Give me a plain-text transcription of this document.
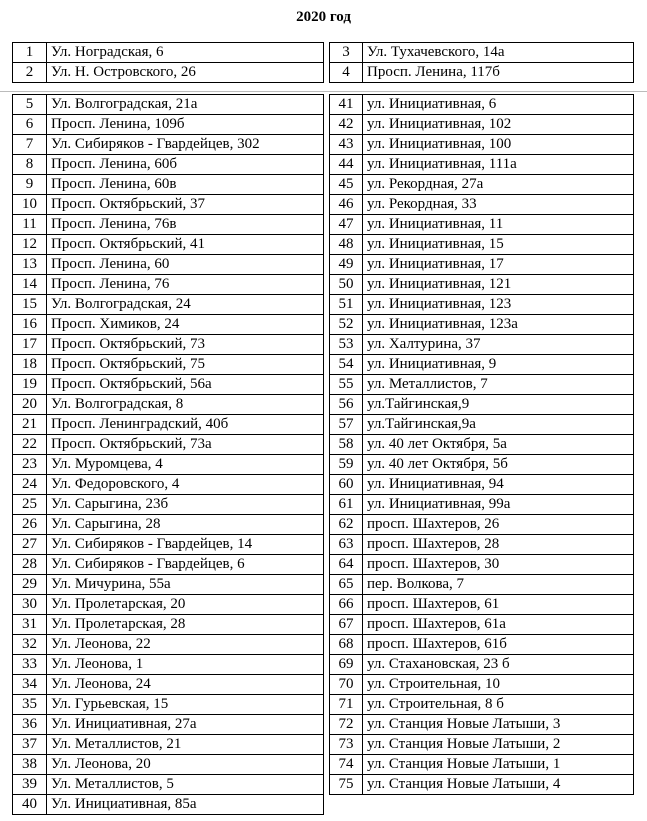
2020 год
1	Ул. Ноградская, 6
2	Ул. Н. Островского, 26
3	Ул. Тухачевского, 14а
4	Просп. Ленина, 117б
5	Ул. Волгоградская, 21а
6	Просп. Ленина, 109б
7	Ул. Сибиряков - Гвардейцев, 302
8	Просп. Ленина, 60б
9	Просп. Ленина, 60в
10	Просп. Октябрьский, 37
11	Просп. Ленина, 76в
12	Просп. Октябрьский, 41
13	Просп. Ленина, 60
14	Просп. Ленина, 76
15	Ул. Волгоградская, 24
16	Просп. Химиков, 24
17	Просп. Октябрьский, 73
18	Просп. Октябрьский, 75
19	Просп. Октябрьский, 56а
20	Ул. Волгоградская, 8
21	Просп. Ленинградский, 40б
22	Просп. Октябрьский, 73а
23	Ул. Муромцева, 4
24	Ул. Федоровского, 4
25	Ул. Сарыгина, 23б
26	Ул. Сарыгина, 28
27	Ул. Сибиряков - Гвардейцев, 14
28	Ул. Сибиряков - Гвардейцев, 6
29	Ул. Мичурина, 55а
30	Ул. Пролетарская, 20
31	Ул. Пролетарская, 28
32	Ул. Леонова, 22
33	Ул. Леонова, 1
34	Ул. Леонова, 24
35	Ул. Гурьевская, 15
36	Ул. Инициативная, 27а
37	Ул. Металлистов, 21
38	Ул. Леонова, 20
39	Ул. Металлистов, 5
40	Ул. Инициативная, 85а
41	ул. Инициативная, 6
42	ул. Инициативная, 102
43	ул. Инициативная, 100
44	ул. Инициативная, 111а
45	ул. Рекордная, 27а
46	ул. Рекордная, 33
47	ул. Инициативная, 11
48	ул. Инициативная, 15
49	ул. Инициативная, 17
50	ул. Инициативная, 121
51	ул. Инициативная, 123
52	ул. Инициативная, 123а
53	ул. Халтурина, 37
54	ул. Инициативная, 9
55	ул. Металлистов, 7
56	ул.Тайгинская,9
57	ул.Тайгинская,9а
58	ул. 40 лет Октября, 5а
59	ул. 40 лет Октября, 5б
60	ул. Инициативная, 94
61	ул. Инициативная, 99а
62	просп. Шахтеров, 26
63	просп. Шахтеров, 28
64	просп. Шахтеров, 30
65	пер. Волкова, 7
66	просп. Шахтеров, 61
67	просп. Шахтеров, 61а
68	просп. Шахтеров, 61б
69	ул. Стахановская, 23 б
70	ул. Строительная, 10
71	ул. Строительная, 8 б
72	ул. Станция Новые Латыши, 3
73	ул. Станция Новые Латыши, 2
74	ул. Станция Новые Латыши, 1
75	ул. Станция Новые Латыши, 4
